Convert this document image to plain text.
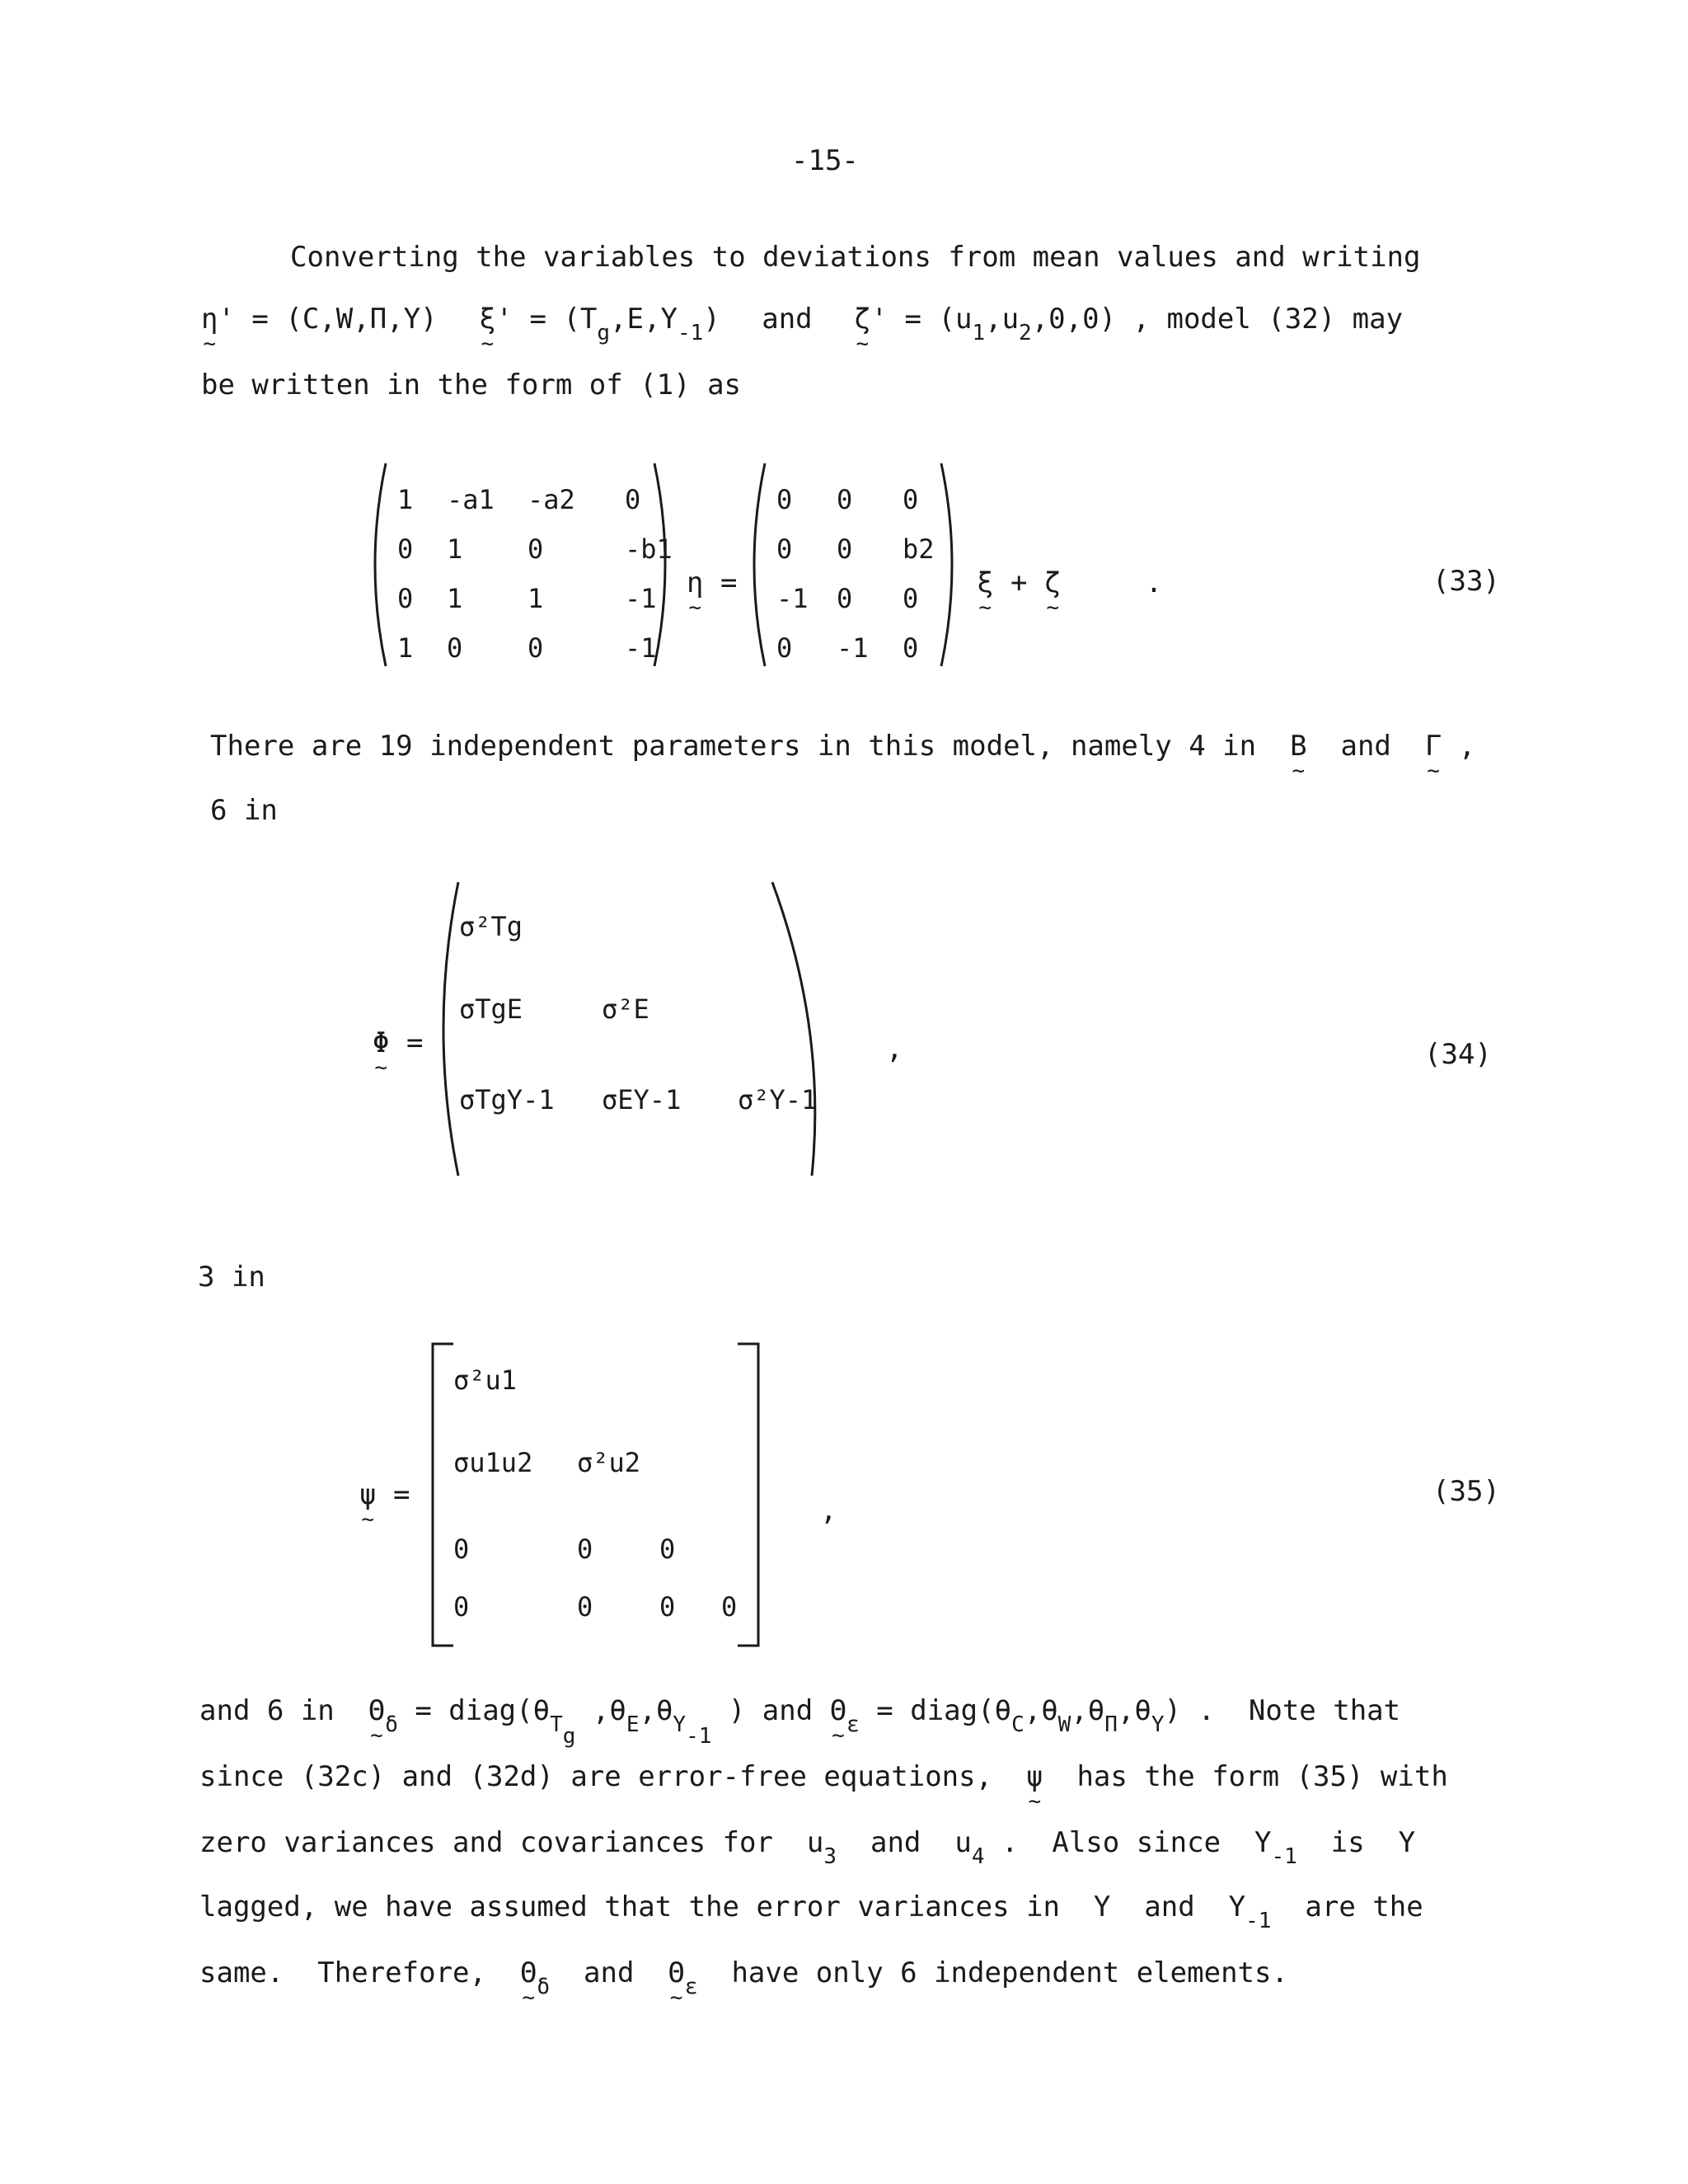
-15-
Converting the variables to deviations from mean values and writing
η ~' = (C,W,Π,Y) ξ ~' = $(T_g,E,Y_{-1})$ and ζ ~' = $(u_1,u_2,0,0)$ , model (32) may
be written in the form of (1) as
1 -a1 -a2 0
0 1 0	-b1
0 1 1	-1
1 0 0	-1
η ~ =
0 0 0
0 0 b2
-1 0 0
0 -1 0
ξ ~ + ζ ~     .	(33)
There are 19 independent parameters in this model, namely 4 in  B ~  and  Γ ~ ,
6 in
Φ ~ =
σ²Tg
σTgE	σ²E
σTgY-1 σEY-1 σ²Y-1
,	(34)
3 in
ψ ~ =
σ²u1
σu1u2 σ²u2
0	0	0
0	0	0 0
,
(35)
and 6 in  Θ $\sim_\delta$ = $diag(\theta_{T_g}$ $,\theta_E,\theta_{Y_{-1}}$ ) and Θ $\sim_\varepsilon$ = $diag(\theta_C,\theta_W,\theta_\Pi,\theta_Y)$ .  Note that
since (32c) and (32d) are error-free equations,  ψ ~  has the form (35) with
zero variances and covariances for  $u_3$  and  $u_4$ .  Also since  $Y_{-1}$  is  Y
lagged, we have assumed that the error variances in  Y  and  $Y_{-1}$  are the
same.  Therefore,  Θ $\sim_\delta$  and  Θ $\sim_\varepsilon$  have only 6 independent elements.
